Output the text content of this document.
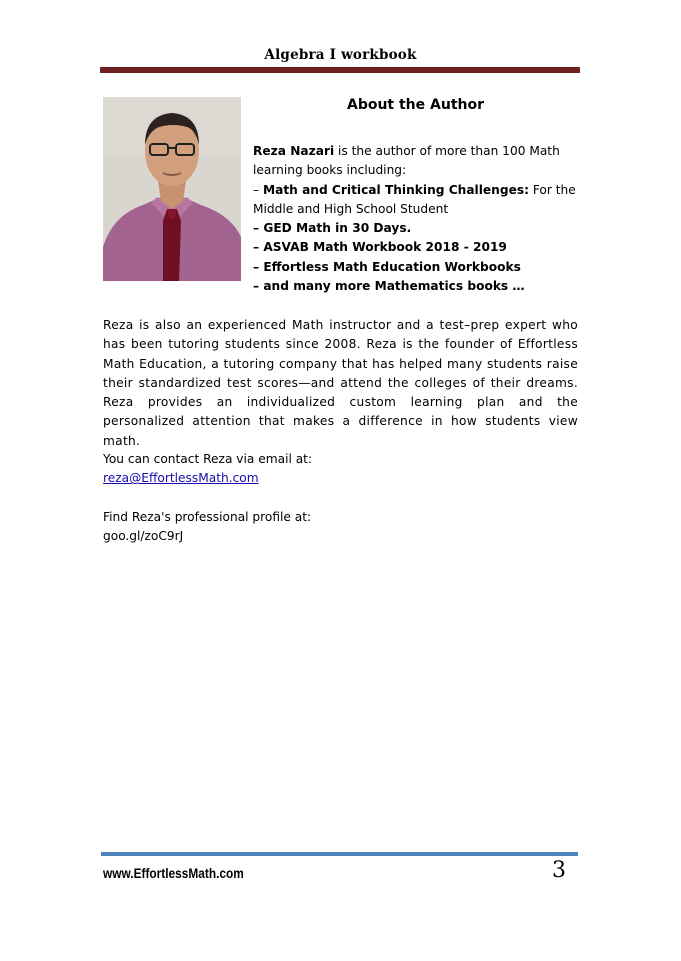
Algebra I workbook
About the Author
Reza Nazari is the author of more than 100 Math
learning books including:
– Math and Critical Thinking Challenges: For the
Middle and High School Student
– GED Math in 30 Days.
– ASVAB Math Workbook 2018 - 2019
– Effortless Math Education Workbooks
– and many more Mathematics books …
Reza is also an experienced Math instructor and a test–prep expert who has been tutoring students since 2008. Reza is the founder of Effortless Math Education, a tutoring company that has helped many students raise their standardized test scores—and attend the colleges of their dreams. Reza provides an individualized custom learning plan and the personalized attention that makes a difference in how students view math.
You can contact Reza via email at:
reza@EffortlessMath.com
Find Reza's professional profile at:
goo.gl/zoC9rJ
www.EffortlessMath.com	3
